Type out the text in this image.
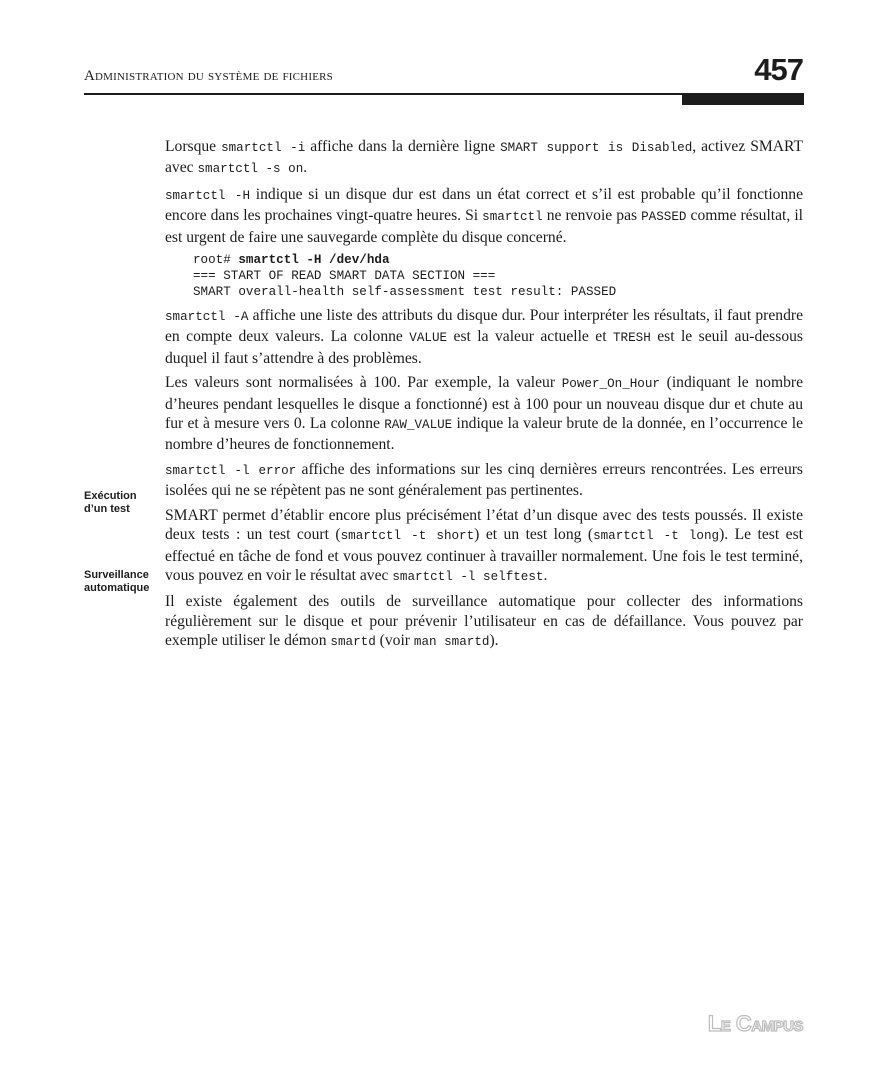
Administration du système de fichiers	457
Exécution d’un test
Surveillance automatique

Lorsque smartctl -i affiche dans la dernière ligne SMART support is Disabled, activez SMART avec smartctl -s on.

smartctl -H indique si un disque dur est dans un état correct et s’il est probable qu’il fonctionne encore dans les prochaines vingt-quatre heures. Si smartctl ne renvoie pas PASSED comme résultat, il est urgent de faire une sauvegarde complète du disque concerné.

root# smartctl -H /dev/hda
=== START OF READ SMART DATA SECTION ===
SMART overall-health self-assessment test result: PASSED

smartctl -A affiche une liste des attributs du disque dur. Pour interpréter les résultats, il faut prendre en compte deux valeurs. La colonne VALUE est la valeur actuelle et TRESH est le seuil au-dessous duquel il faut s’attendre à des problèmes.

Les valeurs sont normalisées à 100. Par exemple, la valeur Power_On_Hour (indiquant le nombre d’heures pendant lesquelles le disque a fonctionné) est à 100 pour un nouveau disque dur et chute au fur et à mesure vers 0. La colonne RAW_VALUE indique la valeur brute de la donnée, en l’occurrence le nombre d’heures de fonctionnement.

smartctl -l error affiche des informations sur les cinq dernières erreurs rencontrées. Les erreurs isolées qui ne se répètent pas ne sont généralement pas pertinentes.

SMART permet d’établir encore plus précisément l’état d’un disque avec des tests poussés. Il existe deux tests : un test court (smartctl -t short) et un test long (smartctl -t long). Le test est effectué en tâche de fond et vous pouvez continuer à travailler normalement. Une fois le test terminé, vous pouvez en voir le résultat avec smartctl -l selftest.

Il existe également des outils de surveillance automatique pour collecter des informations régulièrement sur le disque et pour prévenir l’utilisateur en cas de défaillance. Vous pouvez par exemple utiliser le démon smartd (voir man smartd).

Le Campus
